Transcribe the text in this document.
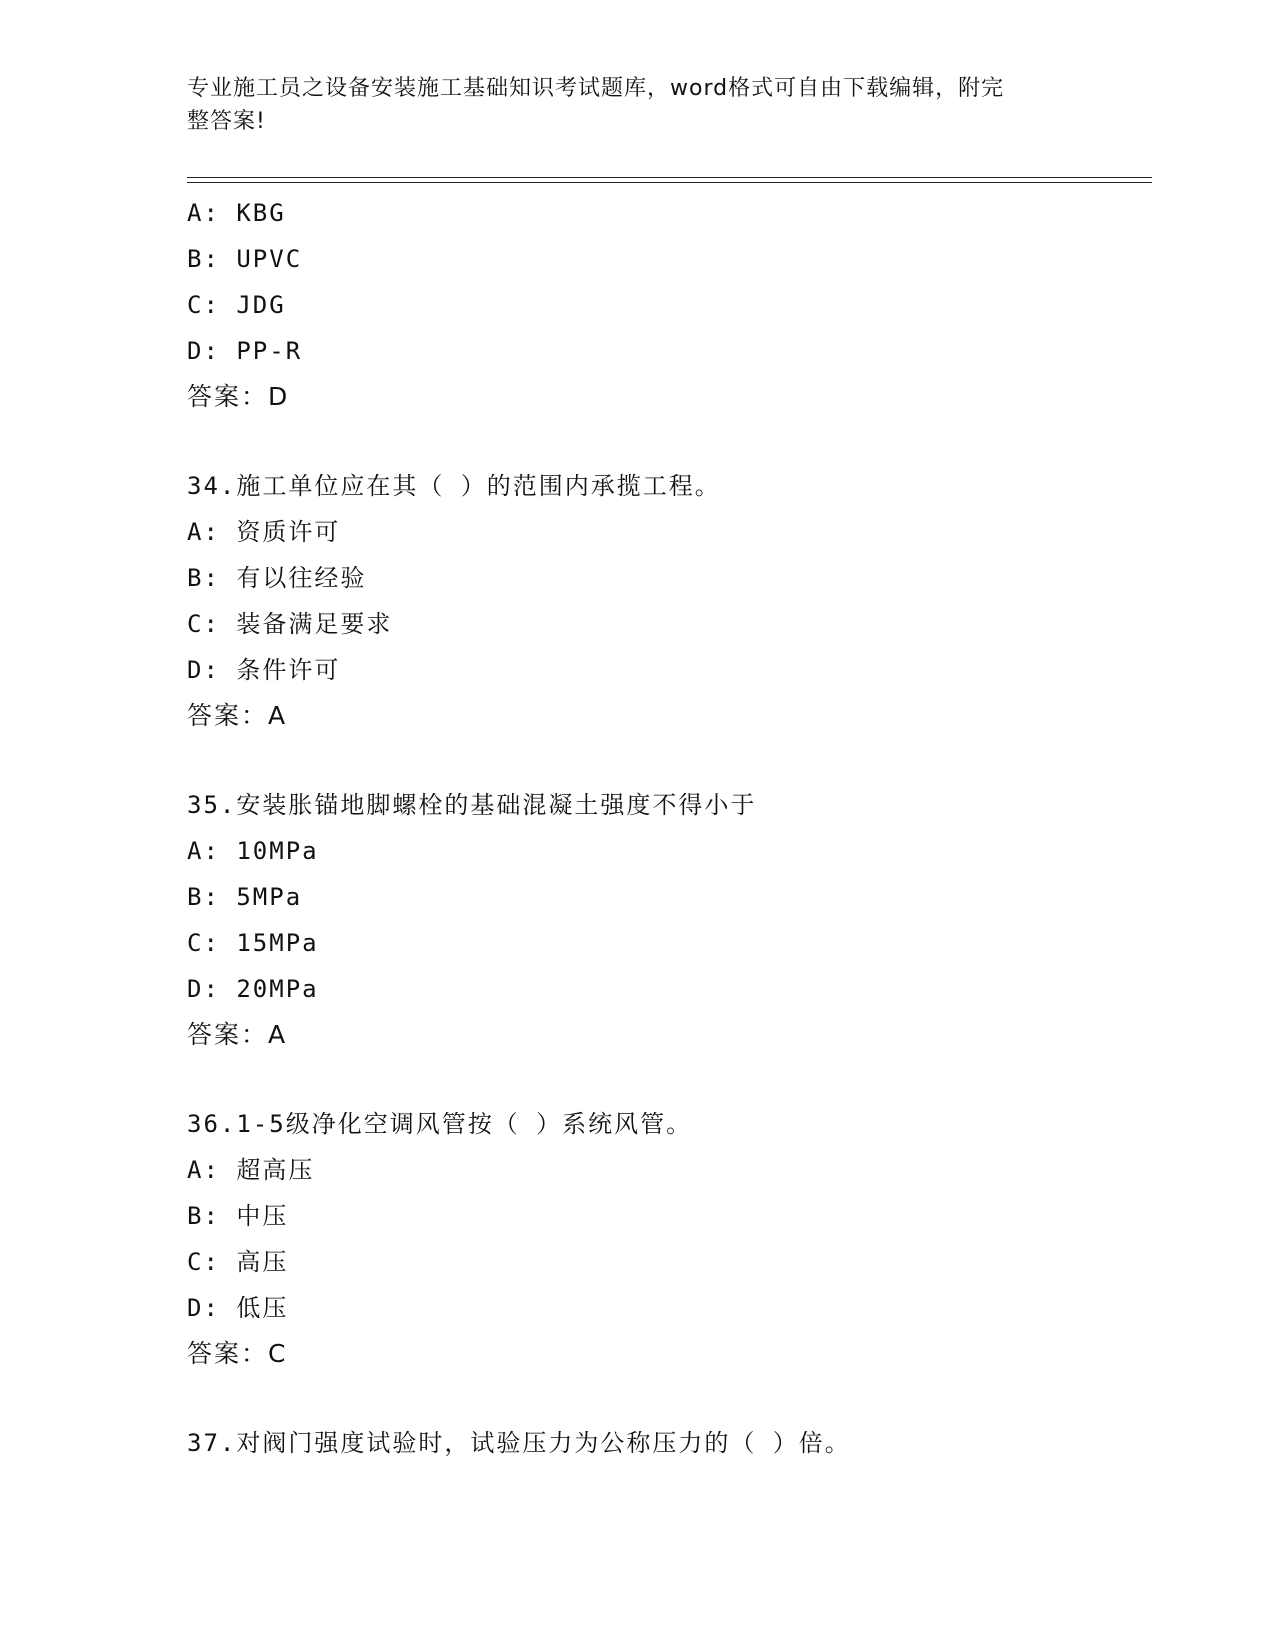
专业施工员之设备安装施工基础知识考试题库，word格式可自由下载编辑，附完
整答案!
A: KBG
B: UPVC
C: JDG
D: PP-R
答案：D
34.施工单位应在其（ ）的范围内承揽工程。
A: 资质许可
B: 有以往经验
C: 装备满足要求
D: 条件许可
答案：A
35.安装胀锚地脚螺栓的基础混凝土强度不得小于
A: 10MPa
B: 5MPa
C: 15MPa
D: 20MPa
答案：A
36.1-5级净化空调风管按（ ）系统风管。
A: 超高压
B: 中压
C: 高压
D: 低压
答案：C
37.对阀门强度试验时，试验压力为公称压力的（ ）倍。
